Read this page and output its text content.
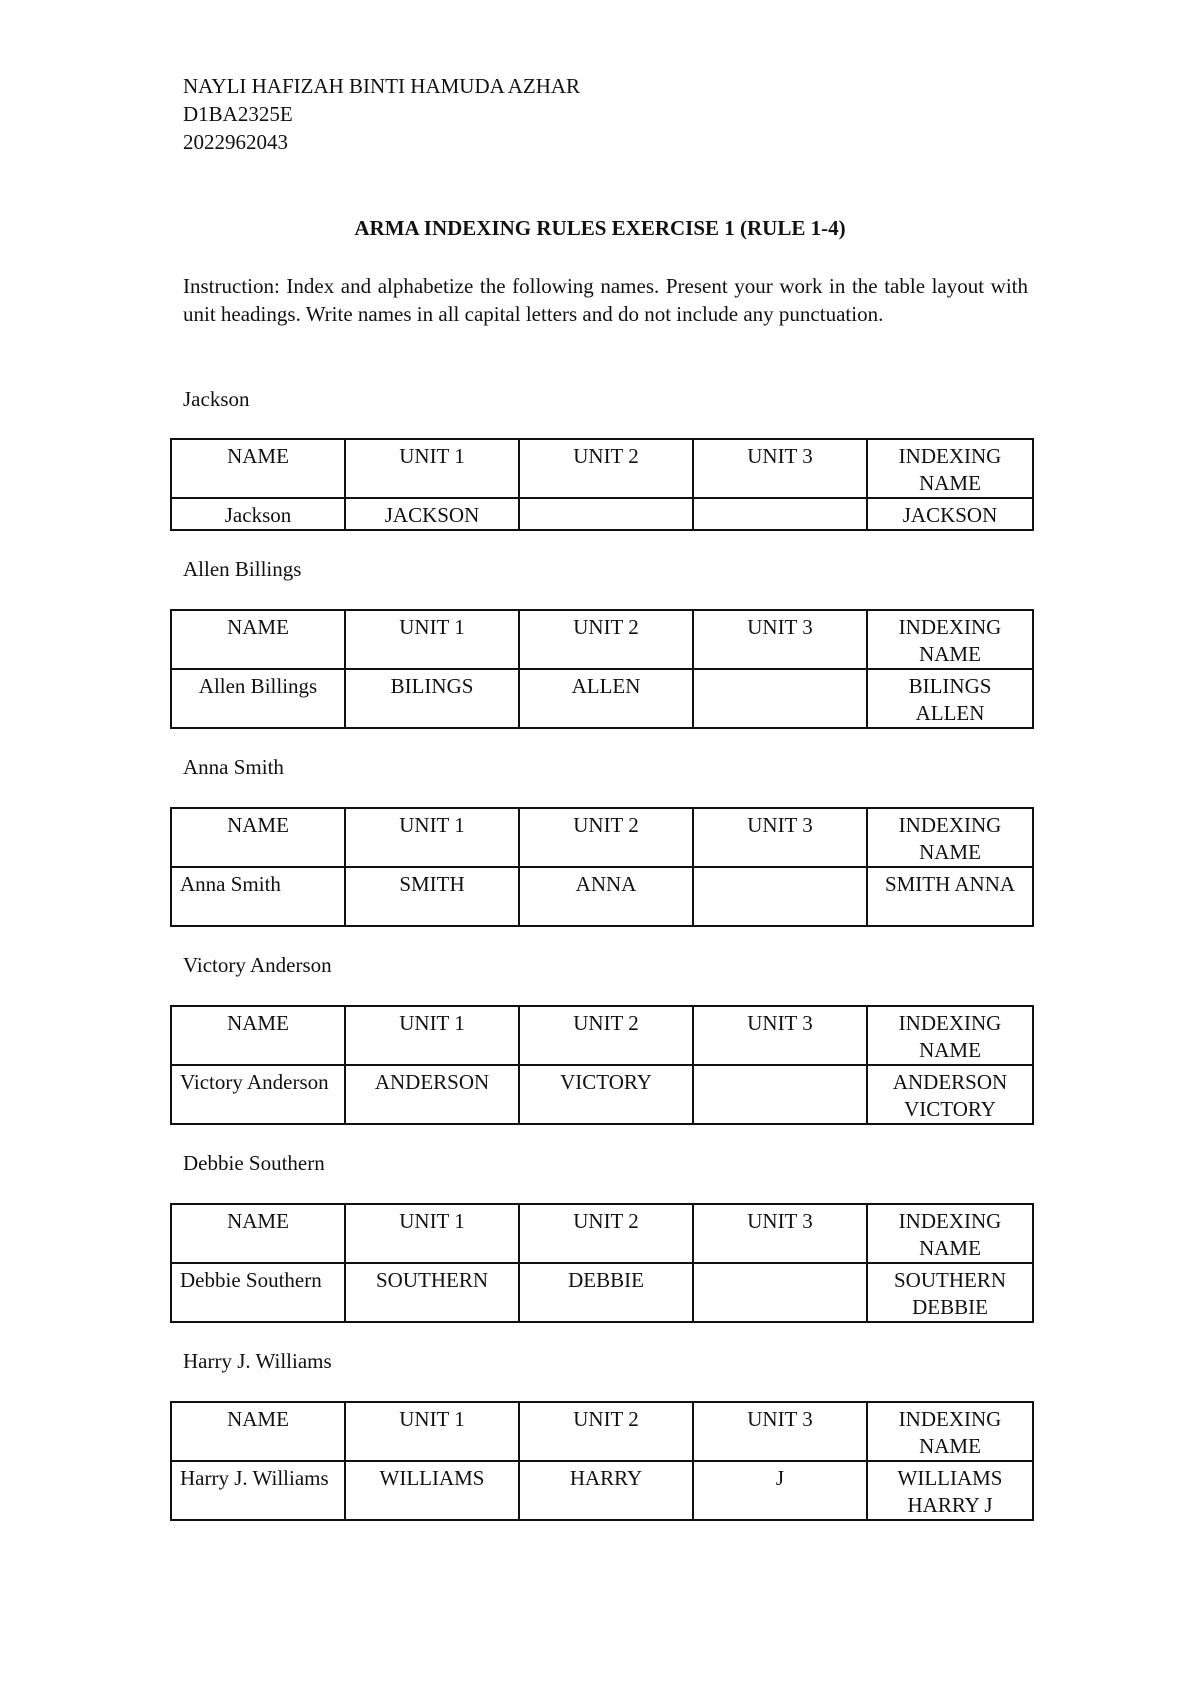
NAYLI HAFIZAH BINTI HAMUDA AZHAR
D1BA2325E
2022962043
ARMA INDEXING RULES EXERCISE 1 (RULE 1-4)
Instruction: Index and alphabetize the following names. Present your work in the table layout with unit headings. Write names in all capital letters and do not include any punctuation.
Jackson
NAME	UNIT 1	UNIT 2	UNIT 3	INDEXING NAME
Jackson	JACKSON			JACKSON
Allen Billings
NAME	UNIT 1	UNIT 2	UNIT 3	INDEXING NAME
Allen Billings	BILINGS	ALLEN		BILINGS ALLEN
Anna Smith
NAME	UNIT 1	UNIT 2	UNIT 3	INDEXING NAME
Anna Smith	SMITH	ANNA		SMITH ANNA
Victory Anderson
NAME	UNIT 1	UNIT 2	UNIT 3	INDEXING NAME
Victory Anderson	ANDERSON	VICTORY		ANDERSON VICTORY
Debbie Southern
NAME	UNIT 1	UNIT 2	UNIT 3	INDEXING NAME
Debbie Southern	SOUTHERN	DEBBIE		SOUTHERN DEBBIE
Harry J. Williams
NAME	UNIT 1	UNIT 2	UNIT 3	INDEXING NAME
Harry J. Williams	WILLIAMS	HARRY	J	WILLIAMS HARRY J
